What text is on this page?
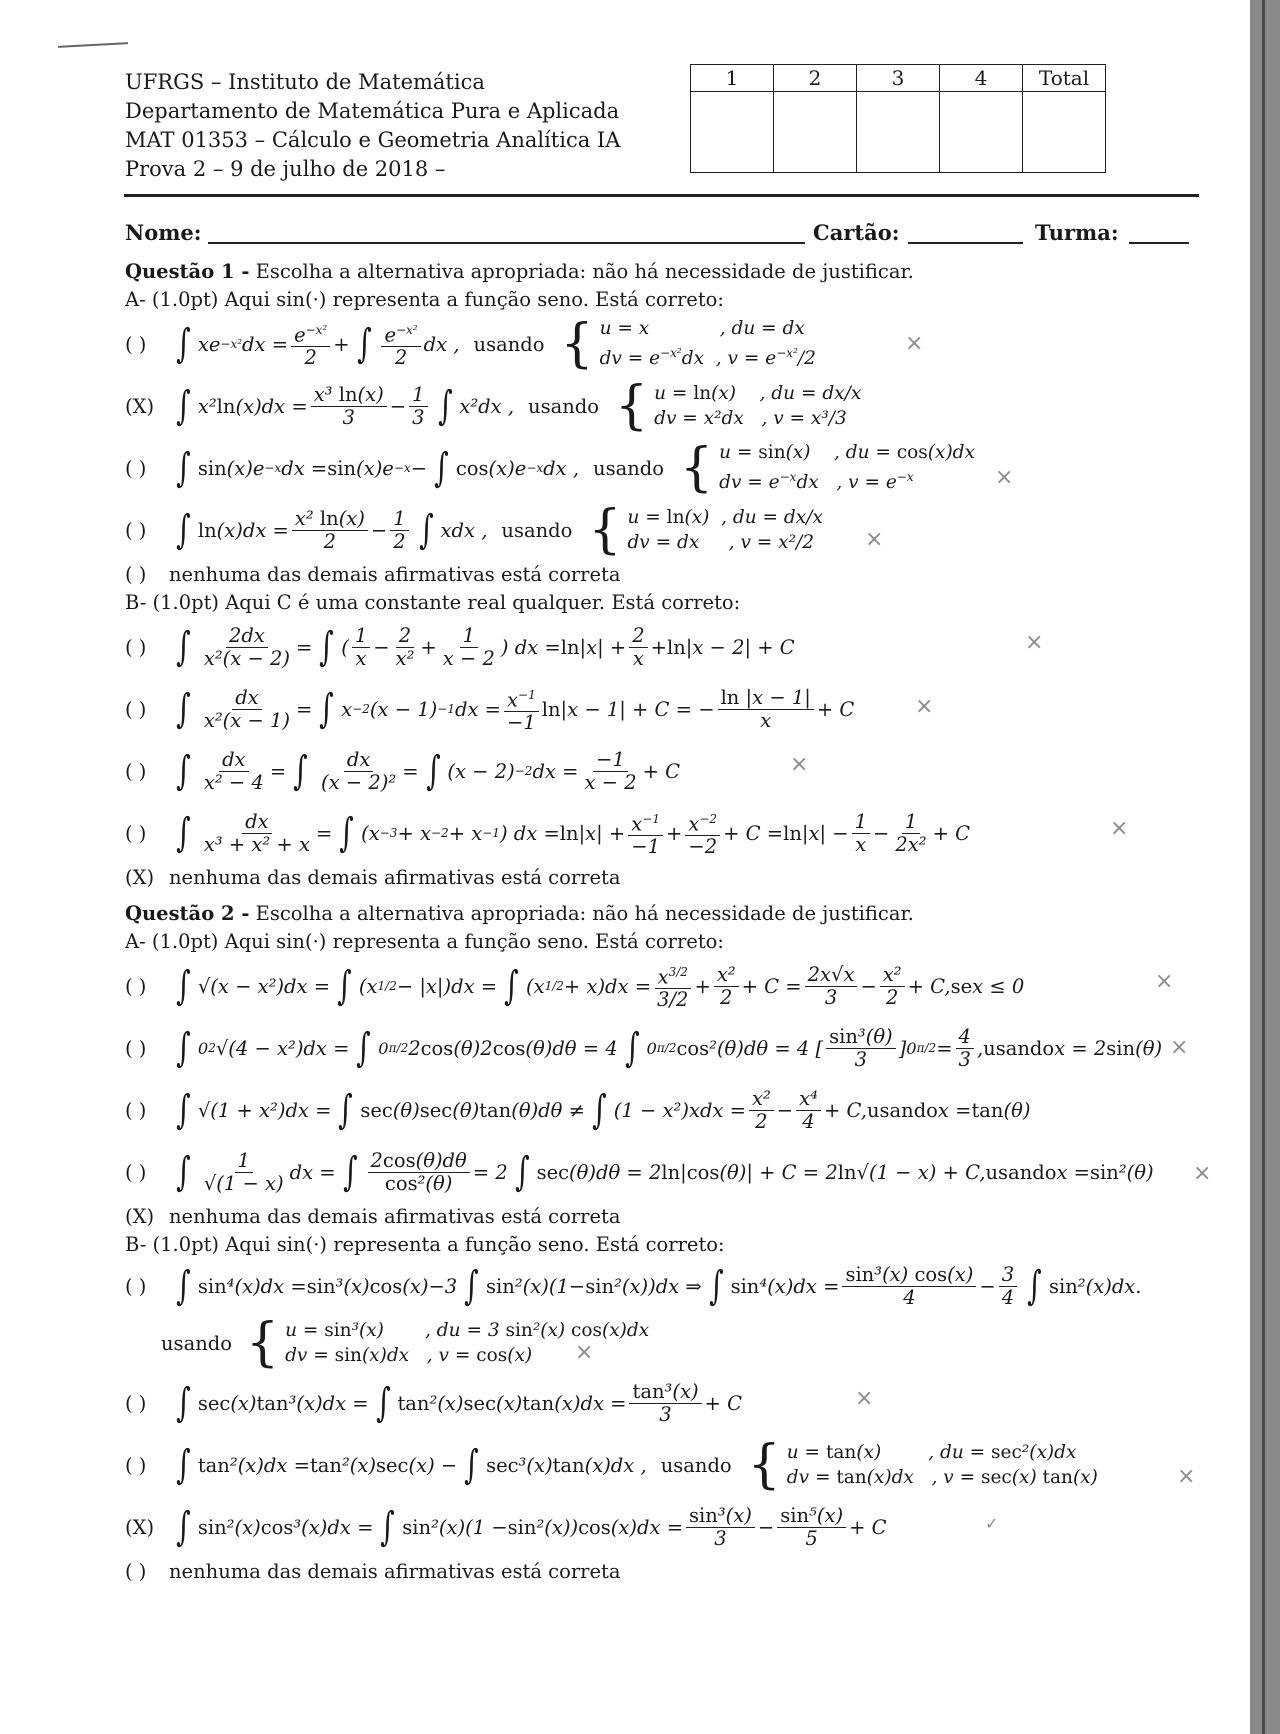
UFRGS – Instituto de Matemática
Departamento de Matemática Pura e Aplicada
MAT 01353 – Cálculo e Geometria Analítica IA
Prova 2 – 9 de julho de 2018 –
1	2	3	4	Total

Nome:	Cartão:	Turma:
Questão 1 - Escolha a alternativa apropriada: não há necessidade de justificar.
A- (1.0pt) Aqui sin(·) representa a função seno. Está correto:
( ) ∫ xe −x² dx = $\frac{e^{-x^2}}{2}$ + ∫ $\frac{e^{-x^2}}{2}$ dx , usando { u = x            , du = dx
dv = $e^{-x^2}dx$  , $v = e^{-x^2}/2$
×
(X) ∫ x² $\ln (x)dx = \frac{\text{x³ ln(x)}}{3} - \frac{1}{3}$ ∫ x²dx , usando { u = ln(x)    , du = dx/x
dv = x²dx   , v = x³/3
( ) ∫ sin (x)e −x dx = sin (x)e −x − ∫ cos (x)e −x dx , usando { u = sin(x)    , du = cos(x)dx
dv = $e^{-x}dx$   , $v = e^{-x}$	×
( ) ∫ $\ln (x)dx = \frac{\text{x² ln(x)}}{2} - \frac{1}{2}$ ∫ xdx , usando { u = ln(x)  , du = dx/x
dv = dx     , v = x²/2	×
( )	nenhuma das demais afirmativas está correta
B- (1.0pt) Aqui C é uma constante real qualquer. Está correto:
( ) ∫ $\frac{2dx}{\text{x²(x − 2)}}$ = ∫ ( $\frac{1}{x} - \frac{2}{\text{x²}} + \frac{1}{x - 2}$ ) dx = $\ln |x| + \frac{2}{x} + \ln |x - 2| + C$	×
( ) ∫ $\frac{dx}{\text{x²(x − 1)}}$ = ∫ x −2 (x − 1) −1 dx = $\frac{x^{-1}}{-1}$ ln |x − 1| + C = − $\frac{\ln |x - 1|}{x} + C$	×
( ) ∫ $\frac{dx}{\text{x² − 4}}$ = ∫ $\frac{dx}{\text{(x − 2)²}}$ = ∫ (x − 2) −2 dx = $\frac{-1}{x - 2} + C$	×
( ) ∫ $\frac{dx}{\text{x³ + x² + x}}$ = ∫ (x −3 + x −2 + x −1 ) dx = $\ln |x| + \frac{x^{-1}}{-1} + \frac{x^{-2}}{-2} + C = \ln |x| - \frac{1}{x} - \frac{1}{\text{2x²}} + C$	×
(X) nenhuma das demais afirmativas está correta
Questão 2 - Escolha a alternativa apropriada: não há necessidade de justificar.
A- (1.0pt) Aqui sin(·) representa a função seno. Está correto:
( ) ∫ √(x − x²)dx = ∫ (x 1/2 − |x|)dx = ∫ (x $1/2 + x)dx = \frac{x^{3/2}}{3/2} + \frac{\text{x²}}{2} + C = \frac{2x√x}{3} - \frac{\text{x²}}{2} + C$, se x ≤ 0	×
( ) ∫ 0 2 √(4 − x²)dx = ∫ 0 π/2 2 cos (θ)2 cos (θ)dθ = 4 ∫ 0 π/2 cos ²(θ)dθ = 4 [ $\frac{\text{sin³(θ)}}{3}$ ] 0 $\pi/2 = \frac{4}{3}$ , usando x = 2 sin (θ) ×
( ) ∫ √(1 + x²)dx = ∫ sec (θ) sec (θ) tan (θ)dθ ≠ ∫ $(1 - x^2)xdx = \frac{\text{x²}}{2} - \frac{\text{x⁴}}{4} + C$, usando x = tan (θ)
( ) ∫ $\frac{1}{√(1 - x)}$ dx = ∫ $\frac{2\cos(\theta)d\theta}{\text{cos²(θ)}} = 2$ ∫ sec (θ)dθ = 2 ln | cos (θ)| + C = 2 ln √(1 − x) + C, usando x = sin ²(θ) ×
(X) nenhuma das demais afirmativas está correta
B- (1.0pt) Aqui sin(·) representa a função seno. Está correto:
( ) ∫ sin ⁴(x)dx = sin ³(x) cos (x)−3 ∫ sin ²(x)(1− sin ²(x))dx ⇒ ∫ $\sin ^4(x)dx = \frac{\text{sin³(x) cos(x)}}{4} - \frac{3}{4}$ ∫ sin ²(x)dx.
usando { u = sin³(x)       , du = 3 sin²(x) cos(x)dx
dv = sin(x)dx   , v = cos(x)	×
( ) ∫ sec (x) tan ³(x)dx = ∫ tan ²(x) sec (x) $\tan (x)dx = \frac{\text{tan³(x)}}{3} + C$	×
( ) ∫ tan ²(x)dx = tan ²(x) sec (x) − ∫ sec ³(x) tan (x)dx , usando { u = tan(x)        , du = sec²(x)dx
dv = tan(x)dx   , v = sec(x) tan(x)	×
(X) ∫ sin ²(x) cos ³(x)dx = ∫ sin ²(x)(1 − sin ²(x)) $\cos (x)dx = \frac{\text{sin³(x)}}{3} - \frac{\text{sin⁵(x)}}{5} + C$	✓
( )	nenhuma das demais afirmativas está correta
